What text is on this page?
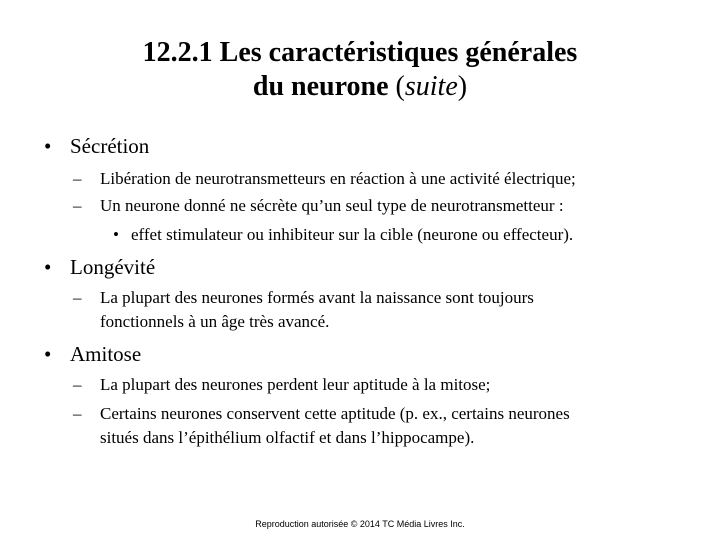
12.2.1 Les caractéristiques générales
du neurone (suite)
• Sécrétion
– Libération de neurotransmetteurs en réaction à une activité électrique;
– Un neurone donné ne sécrète qu’un seul type de neurotransmetteur :
• effet stimulateur ou inhibiteur sur la cible (neurone ou effecteur).
• Longévité
– La plupart des neurones formés avant la naissance sont toujours
fonctionnels à un âge très avancé.
• Amitose
– La plupart des neurones perdent leur aptitude à la mitose;
– Certains neurones conservent cette aptitude (p. ex., certains neurones
situés dans l’épithélium olfactif et dans l’hippocampe).
Reproduction autorisée © 2014 TC Média Livres Inc.
